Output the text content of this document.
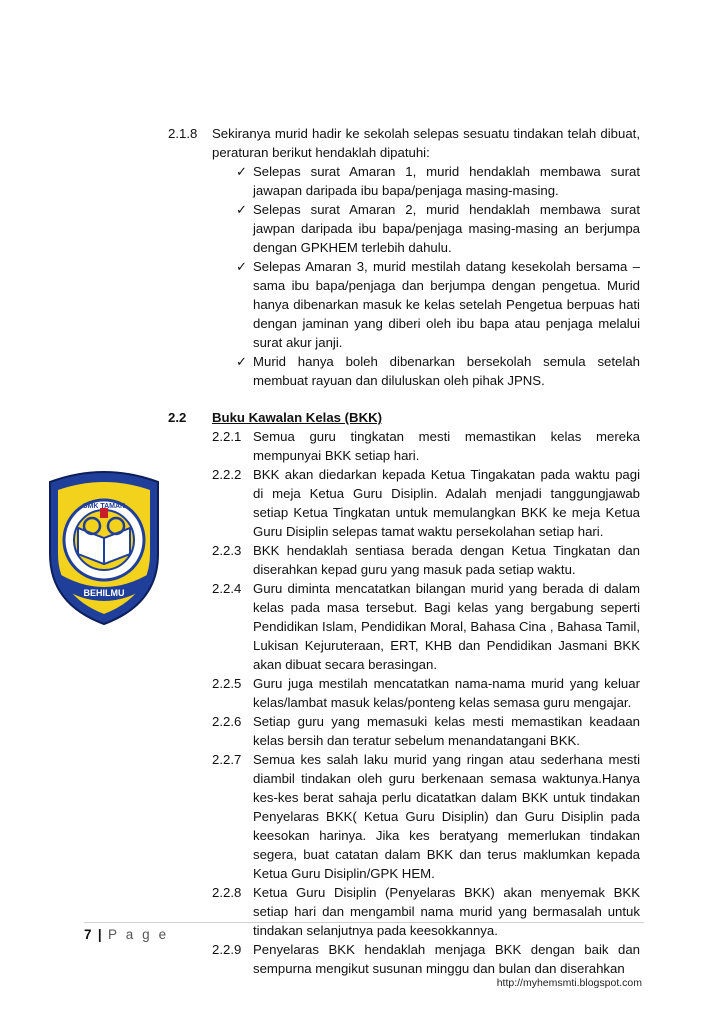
BEHILMU
SMK TAMAN
2.1.8	Sekiranya murid hadir ke sekolah selepas sesuatu tindakan telah dibuat, peraturan berikut hendaklah dipatuhi:
✓ Selepas surat Amaran 1, murid hendaklah membawa surat jawapan daripada ibu bapa/penjaga masing-masing.
✓ Selepas surat Amaran 2, murid hendaklah membawa surat jawpan daripada ibu bapa/penjaga masing-masing an berjumpa dengan GPKHEM terlebih dahulu.
✓ Selepas Amaran 3, murid mestilah datang kesekolah bersama – sama ibu bapa/penjaga dan berjumpa dengan pengetua. Murid hanya dibenarkan masuk ke kelas setelah Pengetua berpuas hati dengan jaminan yang diberi oleh ibu bapa atau penjaga melalui surat akur janji.
✓ Murid hanya boleh dibenarkan bersekolah semula setelah membuat rayuan dan diluluskan oleh pihak JPNS.
2.2	Buku Kawalan Kelas (BKK)
2.2.1 Semua guru tingkatan mesti memastikan kelas mereka mempunyai BKK setiap hari.
2.2.2 BKK akan diedarkan kepada Ketua Tingakatan pada waktu pagi di meja Ketua Guru Disiplin. Adalah menjadi tanggungjawab setiap Ketua Tingkatan untuk memulangkan BKK ke meja Ketua Guru Disiplin selepas tamat waktu persekolahan setiap hari.
2.2.3 BKK hendaklah sentiasa berada dengan Ketua Tingkatan dan diserahkan kepad guru yang masuk pada setiap waktu.
2.2.4 Guru diminta mencatatkan bilangan murid yang berada di dalam kelas pada masa tersebut. Bagi kelas yang bergabung seperti Pendidikan Islam, Pendidikan Moral, Bahasa Cina , Bahasa Tamil, Lukisan Kejuruteraan, ERT, KHB dan Pendidikan Jasmani BKK akan dibuat secara berasingan.
2.2.5 Guru juga mestilah mencatatkan nama-nama murid yang keluar kelas/lambat masuk kelas/ponteng kelas semasa guru mengajar.
2.2.6 Setiap guru yang memasuki kelas mesti memastikan keadaan kelas bersih dan teratur sebelum menandatangani BKK.
2.2.7 Semua kes salah laku murid yang ringan atau sederhana mesti diambil tindakan oleh guru berkenaan semasa waktunya.Hanya kes-kes berat sahaja perlu dicatatkan dalam BKK untuk tindakan Penyelaras BKK( Ketua Guru Disiplin) dan Guru Disiplin pada keesokan harinya. Jika kes beratyang memerlukan tindakan segera, buat catatan dalam BKK dan terus maklumkan kepada Ketua Guru Disiplin/GPK HEM.
2.2.8 Ketua Guru Disiplin (Penyelaras BKK) akan menyemak BKK setiap hari dan mengambil nama murid yang bermasalah untuk tindakan selanjutnya pada keesokkannya.
2.2.9 Penyelaras BKK hendaklah menjaga BKK dengan baik dan sempurna mengikut susunan minggu dan bulan dan diserahkan
7 | P a g e
http://myhemsmti.blogspot.com
